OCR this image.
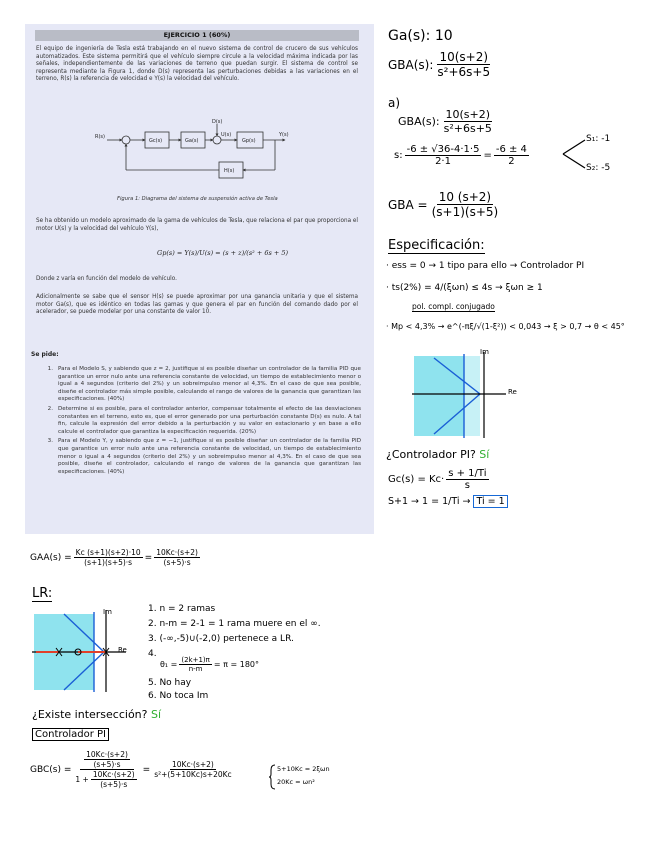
EJERCICIO 1 (60%)
El equipo de ingeniería de Tesla está trabajando en el nuevo sistema de control de crucero de sus vehículos automatizados. Este sistema permitirá que el vehículo siempre circule a la velocidad máxima indicada por las señales, independientemente de las variaciones de terreno que puedan surgir. El sistema de control se representa mediante la Figura 1, donde D(s) representa las perturbaciones debidas a las variaciones en el terreno, R(s) la referencia de velocidad e Y(s) la velocidad del vehículo.
R(s)
D(s)
U(s)	Y(s)
Gc(s)	Ga(s)	Gp(s)
H(s)
Figura 1: Diagrama del sistema de suspensión activa de Tesla
Se ha obtenido un modelo aproximado de la gama de vehículos de Tesla, que relaciona el par que proporciona el motor U(s) y la velocidad del vehículo Y(s),
Gp(s) = Y(s)/U(s) = (s + z)/(s² + 6s + 5)
Donde z varía en función del modelo de vehículo.
Adicionalmente se sabe que el sensor H(s) se puede aproximar por una ganancia unitaria y que el sistema motor Ga(s), que es idéntico en todas las gamas y que genera el par en función del comando dado por el acelerador, se puede modelar por una constante de valor 10.
Se pide:
1. Para el Modelo S, y sabiendo que z = 2, justifique si es posible diseñar un controlador de la familia PID que garantice un error nulo ante una referencia constante de velocidad, un tiempo de establecimiento menor o igual a 4 segundos (criterio del 2%) y un sobreimpulso menor al 4,3%. En el caso de que sea posible, diseñe el controlador más simple posible, calculando el rango de valores de la ganancia que garantizan las especificaciones. (40%)
2. Determine si es posible, para el controlador anterior, compensar totalmente el efecto de las desviaciones constantes en el terreno, esto es, que el error generado por una perturbación constante D(s) es nulo. A tal fin, calcule la expresión del error debido a la perturbación y su valor en estacionario y en base a ello calcule el controlador que garantiza la especificación requerida. (20%)
3. Para el Modelo Y, y sabiendo que z = −1, justifique si es posible diseñar un controlador de la familia PID que garantice un error nulo ante una referencia constante de velocidad, un tiempo de establecimiento menor o igual a 4 segundos (criterio del 2%) y un sobreimpulso menor al 4,3%. En el caso de que sea posible, diseñe el controlador, calculando el rango de valores de la ganancia que garantizan las especificaciones. (40%)
Ga(s): 10
GBA(s): $\frac{10(s+2)}{\text{s²+6s+5}}$
a)
GBA(s): $\frac{10(s+2)}{\text{s²+6s+5}}$
s: $\frac{-6 \pm √36-4\cdot 1\cdot 5}{2\cdot 1} = \frac{-6 \pm 4}{2}$
S₁: -1
S₂: -5
GBA = $\frac{10 (s+2)}{(s+1)(s+5)}$
Especificación:
· ess = 0 → 1 tipo para ello → Controlador PI
· ts(2%) = 4/(ξωn) ≤ 4s → ξωn ≥ 1
pol. compl. conjugado
· Mp < 4,3% → e^(-πξ/√(1-ξ²)) < 0,043 → ξ > 0,7 → θ < 45°
Im
Re
¿Controlador PI? Sí
$Gc(s) = Kc\cdot \frac{s + 1/Ti}{s}$
S+1 → 1 = 1/Ti → Ti = 1
$GAA(s) = \frac{Kc (s+1)(s+2)\cdot 10}{(s+1)(s+5)\cdot s} = \frac{10Kc\cdot(s+2)}{(s+5)\cdot s}$
LR:
Im
Re
1. n = 2 ramas
2. n-m = 2-1 = 1 rama muere en el ∞.
3. (-∞,-5)∪(-2,0) pertenece a LR.
4.
$\theta_1 = \frac{(2k+1)\pi}{n-m} = \pi = 180^\circ$
5. No hay
6. No toca Im
¿Existe intersección? Sí
Controlador PI
$GBC(s) = \frac{\frac{10Kc\cdot(s+2)}{(s+5)\cdot s}}{1 + \frac{10Kc\cdot(s+2)}{(s+5)\cdot s}} = \frac{10Kc\cdot(s+2)}{\text{s²+(5+10Kc)s+20Kc}}$	5+10Kc = 2ξωn
20Kc = ωn²
